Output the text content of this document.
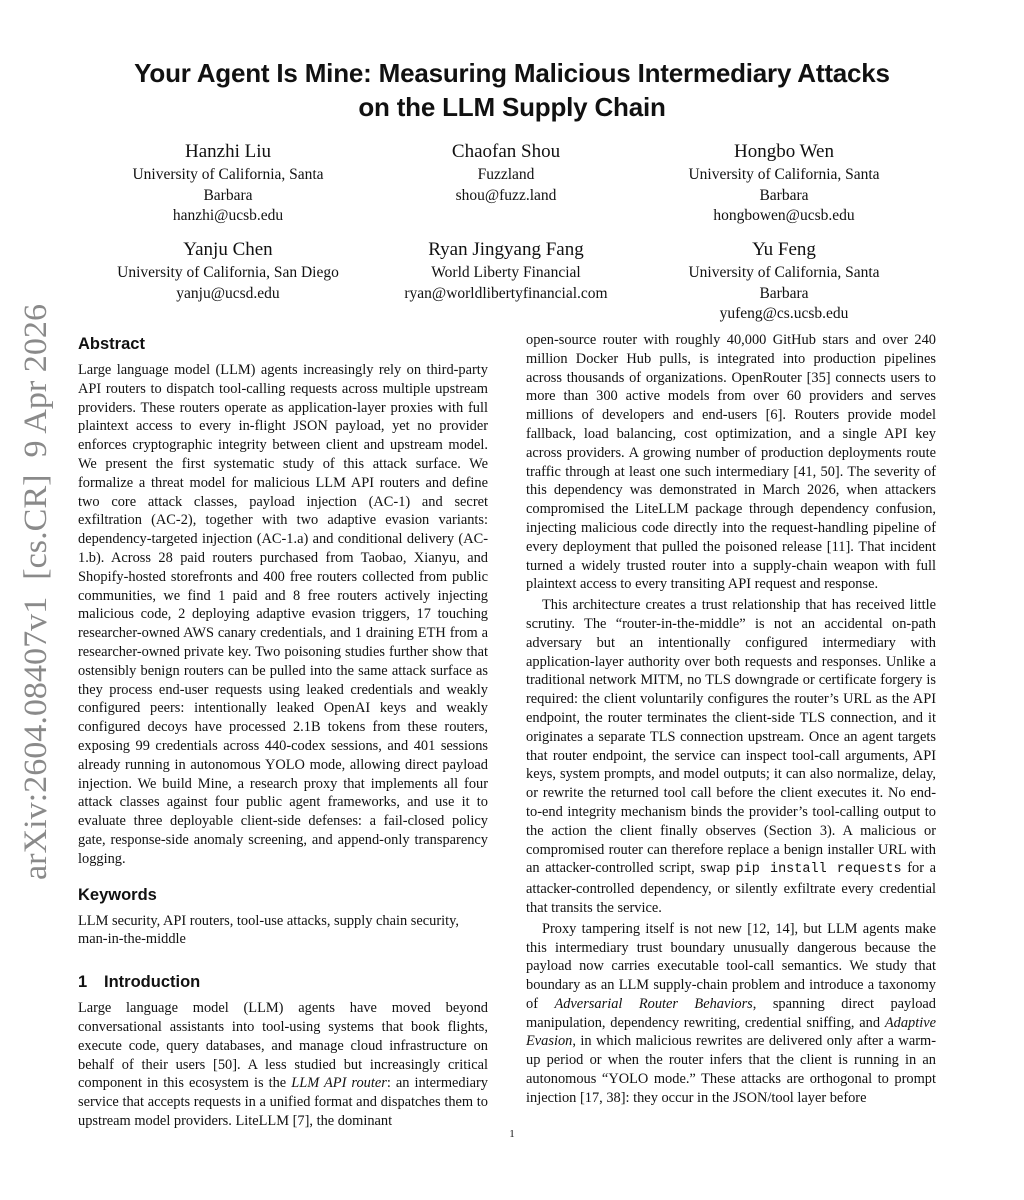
arXiv:2604.08407v1  [cs.CR]  9 Apr 2026
Your Agent Is Mine: Measuring Malicious Intermediary Attacks
on the LLM Supply Chain
Hanzhi Liu
University of California, Santa
Barbara
hanzhi@ucsb.edu
Chaofan Shou
Fuzzland
shou@fuzz.land
Hongbo Wen
University of California, Santa
Barbara
hongbowen@ucsb.edu
Yanju Chen
University of California, San Diego
yanju@ucsd.edu
Ryan Jingyang Fang
World Liberty Financial
ryan@worldlibertyfinancial.com
Yu Feng
University of California, Santa
Barbara
yufeng@cs.ucsb.edu
Abstract

Large language model (LLM) agents increasingly rely on third-party API routers to dispatch tool-calling requests across multiple upstream providers. These routers operate as application-layer proxies with full plaintext access to every in-flight JSON payload, yet no provider enforces cryptographic integrity between client and upstream model. We present the first systematic study of this attack surface. We formalize a threat model for malicious LLM API routers and define two core attack classes, payload injection (AC-1) and secret exfiltration (AC-2), together with two adaptive evasion variants: dependency-targeted injection (AC-1.a) and conditional delivery (AC-1.b). Across 28 paid routers purchased from Taobao, Xianyu, and Shopify-hosted storefronts and 400 free routers collected from public communities, we find 1 paid and 8 free routers actively injecting malicious code, 2 deploying adaptive evasion triggers, 17 touching researcher-owned AWS canary credentials, and 1 draining ETH from a researcher-owned private key. Two poisoning studies further show that ostensibly benign routers can be pulled into the same attack surface as they process end-user requests using leaked credentials and weakly configured peers: intentionally leaked OpenAI keys and weakly configured decoys have processed 2.1B tokens from these routers, exposing 99 credentials across 440-codex sessions, and 401 sessions already running in autonomous YOLO mode, allowing direct payload injection. We build Mine, a research proxy that implements all four attack classes against four public agent frameworks, and use it to evaluate three deployable client-side defenses: a fail-closed policy gate, response-side anomaly screening, and append-only transparency logging.

Keywords

LLM security, API routers, tool-use attacks, supply chain security, man-in-the-middle

1 Introduction

Large language model (LLM) agents have moved beyond conversational assistants into tool-using systems that book flights, execute code, query databases, and manage cloud infrastructure on behalf of their users [50]. A less studied but increasingly critical component in this ecosystem is the LLM API router: an intermediary service that accepts requests in a unified format and dispatches them to upstream model providers. LiteLLM [7], the dominant

open-source router with roughly 40,000 GitHub stars and over 240 million Docker Hub pulls, is integrated into production pipelines across thousands of organizations. OpenRouter [35] connects users to more than 300 active models from over 60 providers and serves millions of developers and end-users [6]. Routers provide model fallback, load balancing, cost optimization, and a single API key across providers. A growing number of production deployments route traffic through at least one such intermediary [41, 50]. The severity of this dependency was demonstrated in March 2026, when attackers compromised the LiteLLM package through dependency confusion, injecting malicious code directly into the request-handling pipeline of every deployment that pulled the poisoned release [11]. That incident turned a widely trusted router into a supply-chain weapon with full plaintext access to every transiting API request and response.

This architecture creates a trust relationship that has received little scrutiny. The “router-in-the-middle” is not an accidental on-path adversary but an intentionally configured intermediary with application-layer authority over both requests and responses. Unlike a traditional network MITM, no TLS downgrade or certificate forgery is required: the client voluntarily configures the router’s URL as the API endpoint, the router terminates the client-side TLS connection, and it originates a separate TLS connection upstream. Once an agent targets that router endpoint, the service can inspect tool-call arguments, API keys, system prompts, and model outputs; it can also normalize, delay, or rewrite the returned tool call before the client executes it. No end-to-end integrity mechanism binds the provider’s tool-calling output to the action the client finally observes (Section 3). A malicious or compromised router can therefore replace a benign installer URL with an attacker-controlled script, swap pip install requests for a attacker-controlled dependency, or silently exfiltrate every credential that transits the service.

Proxy tampering itself is not new [12, 14], but LLM agents make this intermediary trust boundary unusually dangerous because the payload now carries executable tool-call semantics. We study that boundary as an LLM supply-chain problem and introduce a taxonomy of Adversarial Router Behaviors, spanning direct payload manipulation, dependency rewriting, credential sniffing, and Adaptive Evasion, in which malicious rewrites are delivered only after a warm-up period or when the router infers that the client is running in an autonomous “YOLO mode.” These attacks are orthogonal to prompt injection [17, 38]: they occur in the JSON/tool layer before

1
